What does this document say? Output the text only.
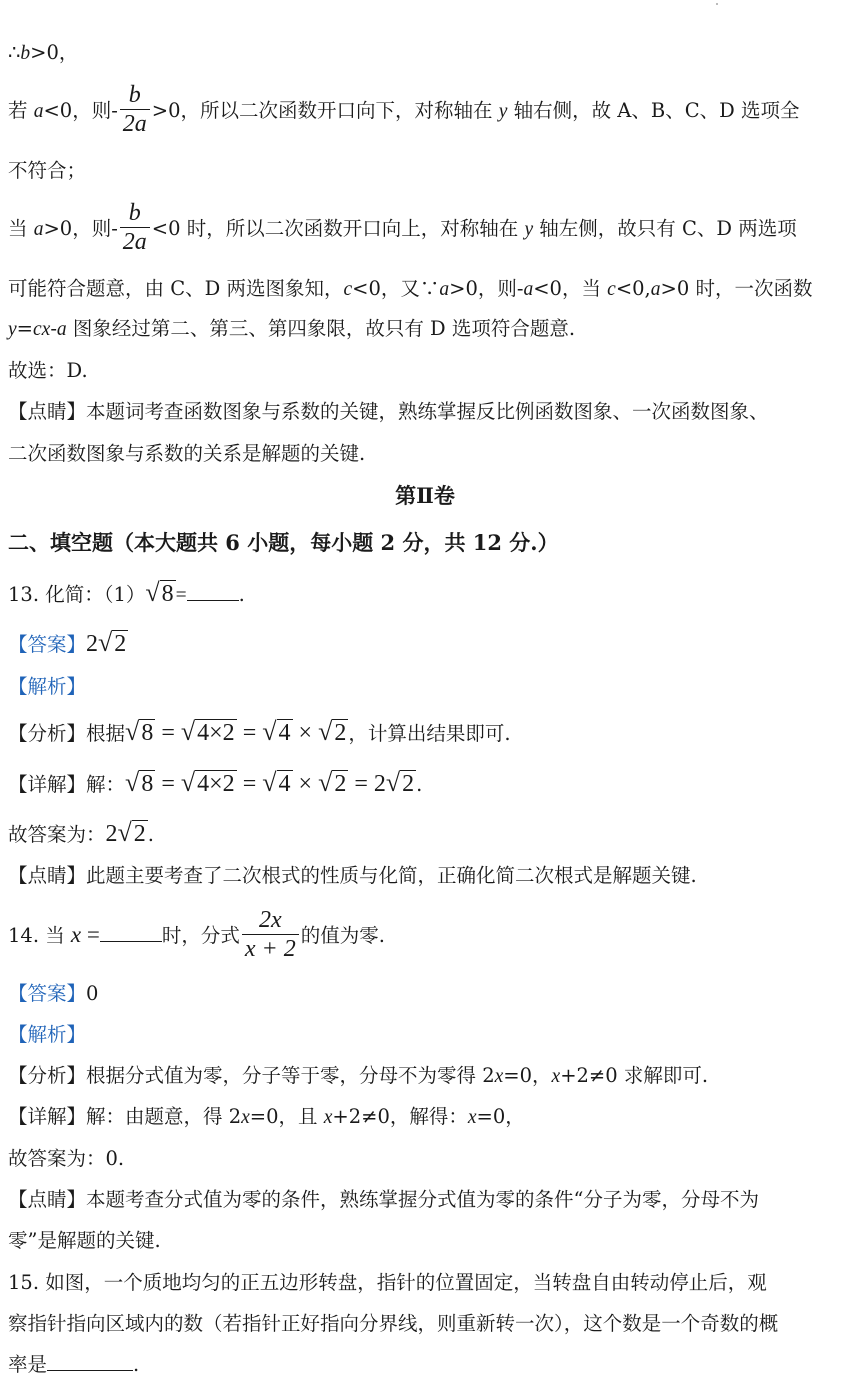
∴b>0，
若 a<0，则- $\frac{b}{2a} >0$，所以二次函数开口向下，对称轴在 y 轴右侧，故 A、B、C、D 选项全
不符合；
当 a>0，则- $\frac{b}{2a} <0$ 时，所以二次函数开口向上，对称轴在 y 轴左侧，故只有 C、D 两选项
可能符合题意，由 C、D 两选图象知，c<0，又∵a>0，则-a<0，当 c<0,a>0 时，一次函数
y=cx-a 图象经过第二、第三、第四象限，故只有 D 选项符合题意.
故选：D.
【点睛】本题词考查函数图象与系数的关键，熟练掌握反比例函数图象、一次函数图象、
二次函数图象与系数的关系是解题的关键.
第Ⅱ卷
二、填空题（本大题共 6 小题，每小题 2 分，共 12 分.）
13. 化简：（1）√8 =	.
【答案】2√2
【解析】
【分析】根据√8 = √4×2 = √4 × √2 ，计算出结果即可.
【详解】解：√8 = √4×2 = √4 × √2 = 2√2 .
故答案为：2√2 .
【点睛】此题主要考查了二次根式的性质与化简，正确化简二次根式是解题关键.
14. 当 x =	时，分式 $\frac{2x}{x + 2}$ 的值为零.
【答案】0
【解析】
【分析】根据分式值为零，分子等于零，分母不为零得 2x=0，x+2≠0 求解即可.
【详解】解：由题意，得 2x=0，且 x+2≠0，解得：x=0，
故答案为：0.
【点睛】本题考查分式值为零的条件，熟练掌握分式值为零的条件“分子为零，分母不为
零”是解题的关键.
15. 如图，一个质地均匀的正五边形转盘，指针的位置固定，当转盘自由转动停止后，观
察指针指向区域内的数（若指针正好指向分界线，则重新转一次），这个数是一个奇数的概
率是	.
